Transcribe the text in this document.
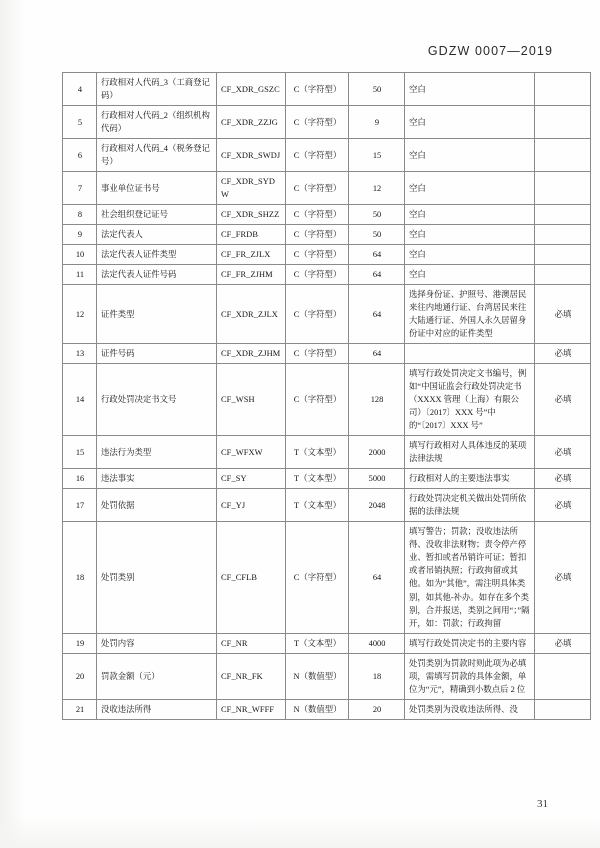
GDZW 0007—2019
4	行政相对人代码_3（工商登记码）	CF_XDR_GSZC	C（字符型）	50	空白	
5	行政相对人代码_2（组织机构代码）	CF_XDR_ZZJG	C（字符型）	9	空白	
6	行政相对人代码_4（税务登记号）	CF_XDR_SWDJ	C（字符型）	15	空白	
7	事业单位证书号	CF_XDR_SYDW	C（字符型）	12	空白	
8	社会组织登记证号	CF_XDR_SHZZ	C（字符型）	50	空白	
9	法定代表人	CF_FRDB	C（字符型）	50	空白	
10	法定代表人证件类型	CF_FR_ZJLX	C（字符型）	64	空白	
11	法定代表人证件号码	CF_FR_ZJHM	C（字符型）	64	空白	
12	证件类型	CF_XDR_ZJLX	C（字符型）	64	选择身份证、护照号、港澳居民来往内地通行证、台湾居民来往大陆通行证、外国人永久居留身份证中对应的证件类型	必填
13	证件号码	CF_XDR_ZJHM	C（字符型）	64		必填
14	行政处罚决定书文号	CF_WSH	C（字符型）	128	填写行政处罚决定文书编号，例如“中国证监会行政处罚决定书（XXXX 管理（上海）有限公司）〔2017〕XXX 号”中的“〔2017〕XXX 号”	必填
15	违法行为类型	CF_WFXW	T（文本型）	2000	填写行政相对人具体违反的某项法律法规	必填
16	违法事实	CF_SY	T（文本型）	5000	行政相对人的主要违法事实	必填
17	处罚依据	CF_YJ	T（文本型）	2048	行政处罚决定机关做出处罚所依据的法律法规	必填
18	处罚类别	CF_CFLB	C（字符型）	64	填写警告；罚款；没收违法所得、没收非法财物；责令停产停业、暂扣或者吊销许可证；暂扣或者吊销执照；行政拘留或其他。如为“其他”，需注明具体类别，如其他-补办。如存在多个类别，合并报送，类别之间用“；”隔开，如：罚款；行政拘留	必填
19	处罚内容	CF_NR	T（文本型）	4000	填写行政处罚决定书的主要内容	必填
20	罚款金额（元）	CF_NR_FK	N（数值型）	18	处罚类别为罚款时则此项为必填项，需填写罚款的具体金额，单位为“元”，精确到小数点后 2 位	
21	没收违法所得	CF_NR_WFFF	N（数值型）	20	处罚类别为没收违法所得、没	

31
